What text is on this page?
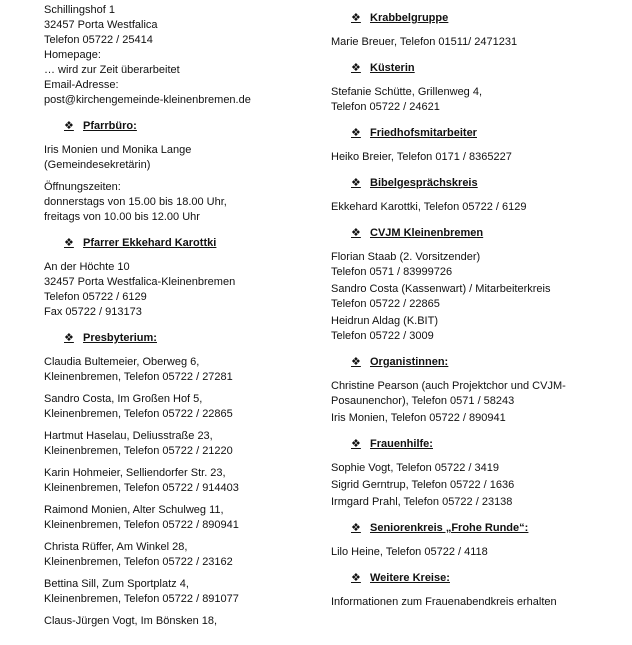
Schillingshof 1
32457 Porta Westfalica
Telefon 05722 / 25414
Homepage:
… wird zur Zeit überarbeitet
Email-Adresse:
post@kirchengemeinde-kleinenbremen.de
❖ Pfarrbüro:
Iris Monien und Monika Lange
(Gemeindesekretärin)
Öffnungszeiten:
donnerstags von 15.00 bis 18.00 Uhr,
freitags von 10.00 bis 12.00 Uhr
❖ Pfarrer Ekkehard Karottki
An der Höchte 10
32457 Porta Westfalica-Kleinenbremen
Telefon 05722 / 6129
Fax 05722 / 913173
❖ Presbyterium:
Claudia Bultemeier, Oberweg 6,
Kleinenbremen, Telefon 05722 / 27281
Sandro Costa, Im Großen Hof 5,
Kleinenbremen, Telefon 05722 / 22865
Hartmut Haselau, Deliusstraße 23,
Kleinenbremen, Telefon 05722 / 21220
Karin Hohmeier, Selliendorfer Str. 23,
Kleinenbremen, Telefon 05722 / 914403
Raimond Monien, Alter Schulweg 11,
Kleinenbremen, Telefon 05722 / 890941
Christa Rüffer, Am Winkel 28,
Kleinenbremen, Telefon 05722 / 23162
Bettina Sill, Zum Sportplatz 4,
Kleinenbremen, Telefon 05722 / 891077
Claus-Jürgen Vogt, Im Bönsken 18,
❖ Krabbelgruppe
Marie Breuer, Telefon 01511/ 2471231
❖ Küsterin
Stefanie Schütte, Grillenweg 4,
Telefon 05722 / 24621
❖ Friedhofsmitarbeiter
Heiko Breier, Telefon 0171 / 8365227
❖ Bibelgesprächskreis
Ekkehard Karottki, Telefon 05722 / 6129
❖ CVJM Kleinenbremen
Florian Staab (2. Vorsitzender)
Telefon 0571 / 83999726
Sandro Costa (Kassenwart) / Mitarbeiterkreis
Telefon 05722 / 22865
Heidrun Aldag (K.BIT)
Telefon 05722 / 3009
❖ Organistinnen:
Christine Pearson (auch Projektchor und CVJM-
Posaunenchor), Telefon 0571 / 58243
Iris Monien, Telefon 05722 / 890941
❖ Frauenhilfe:
Sophie Vogt, Telefon 05722 / 3419
Sigrid Gerntrup, Telefon 05722 / 1636
Irmgard Prahl, Telefon 05722 / 23138
❖ Seniorenkreis „Frohe Runde“:
Lilo Heine, Telefon 05722 / 4118
❖ Weitere Kreise:
Informationen zum Frauenabendkreis erhalten
